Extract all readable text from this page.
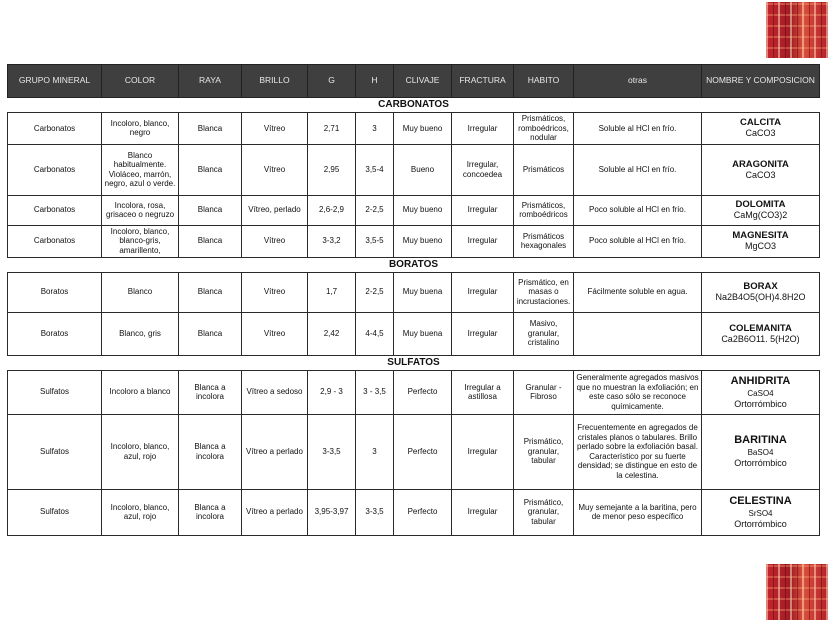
GRUPO MINERAL	COLOR	RAYA	BRILLO	G	H	CLIVAJE	FRACTURA	HABITO	otras	NOMBRE Y COMPOSICION
CARBONATOS										
Carbonatos	Incoloro, blanco, negro	Blanca	Vítreo	2,71	3	Muy bueno	Irregular	Prismáticos, romboédricos, nodular	Soluble al HCl en frío.	CALCITA
CaCO3

Carbonatos	Blanco habitualmente. Violáceo, marrón, negro, azul o verde.	Blanca	Vítreo	2,95	3,5-4	Bueno	Irregular, concoedea	Prismáticos	Soluble al HCl en frío.	ARAGONITA
CaCO3

Carbonatos	Incolora, rosa, grisaceo o negruzo	Blanca	Vítreo, perlado	2,6-2,9	2-2,5	Muy bueno	Irregular	Prismáticos, romboédricos	Poco soluble al HCl en frío.	DOLOMITA
CaMg(CO3)2

Carbonatos	Incoloro, blanco, blanco-gris, amarillento,	Blanca	Vítreo	3-3,2	3,5-5	Muy bueno	Irregular	Prismáticos hexagonales	Poco soluble al HCl en frío.	MAGNESITA
MgCO3

BORATOS										
Boratos	Blanco	Blanca	Vítreo	1,7	2-2,5	Muy buena	Irregular	Prismático, en masas o incrustaciones.	Fácilmente soluble en agua.	BORAX
Na2B4O5(OH)4.8H2O

Boratos	Blanco, gris	Blanca	Vítreo	2,42	4-4,5	Muy buena	Irregular	Masivo, granular, cristalino		COLEMANITA
Ca2B6O11. 5(H2O)

SULFATOS										
Sulfatos	Incoloro a blanco	Blanca a incolora	Vítreo a sedoso	2,9 - 3	3 - 3,5	Perfecto	Irregular a astillosa	Granular - Fibroso	Generalmente agregados masivos que no muestran la exfoliación; en este caso sólo se reconoce químicamente.	ANHIDRITA
CaSO4
Ortorrómbico

Sulfatos	Incoloro, blanco, azul, rojo	Blanca a incolora	Vítreo a perlado	3-3,5	3	Perfecto	Irregular	Prismático, granular, tabular	Frecuentemente en agregados de cristales planos o tabulares. Brillo perlado sobre la exfoliación basal. Característico por su fuerte densidad; se distingue en esto de la celestina.	BARITINA
BaSO4
Ortorrómbico

Sulfatos	Incoloro, blanco, azul, rojo	Blanca a incolora	Vítreo a perlado	3,95-3,97	3-3,5	Perfecto	Irregular	Prismático, granular, tabular	Muy semejante a la baritina, pero de menor peso específico	CELESTINA
SrSO4
Ortorrómbico
